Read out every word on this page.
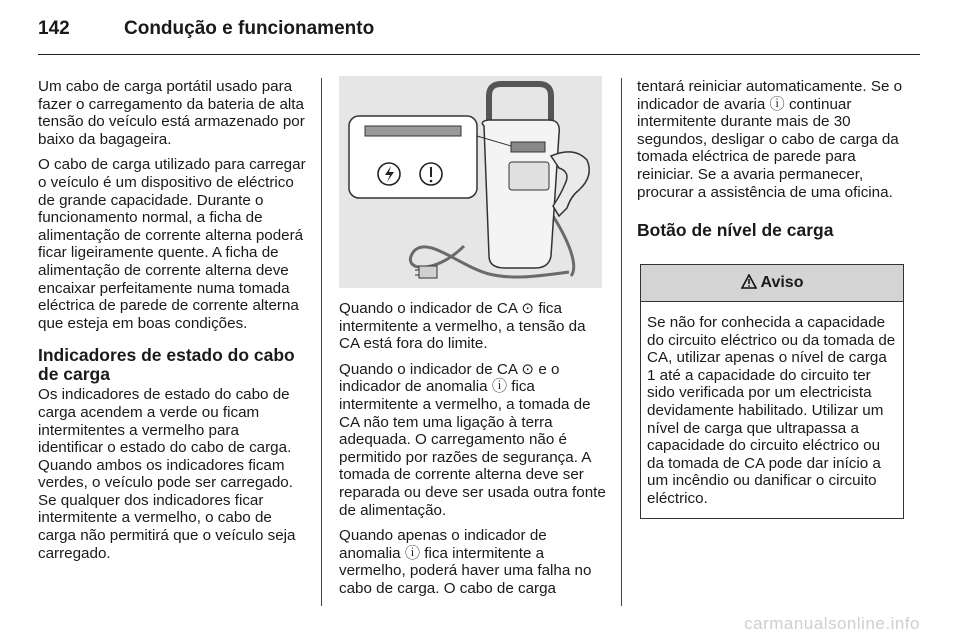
142	Condução e funcionamento

Um cabo de carga portátil usado para fazer o carregamento da bateria de alta tensão do veículo está armazenado por baixo da bagageira.

O cabo de carga utilizado para carregar o veículo é um dispositivo de eléctrico de grande capacidade. Durante o funcionamento normal, a ficha de alimentação de corrente alterna poderá ficar ligeiramente quente. A ficha de alimentação de corrente alterna deve encaixar perfeitamente numa tomada eléctrica de parede de corrente alterna que esteja em boas condições.

Indicadores de estado do cabo de carga

Os indicadores de estado do cabo de carga acendem a verde ou ficam intermitentes a vermelho para identificar o estado do cabo de carga. Quando ambos os indicadores ficam verdes, o veículo pode ser carregado. Se qualquer dos indicadores ficar intermitente a vermelho, o cabo de carga não permitirá que o veículo seja carregado.

Quando o indicador de CA ⊙ fica intermitente a vermelho, a tensão da CA está fora do limite.

Quando o indicador de CA ⊙ e o indicador de anomalia ⓘ fica intermitente a vermelho, a tomada de CA não tem uma ligação à terra adequada. O carregamento não é permitido por razões de segurança. A tomada de corrente alterna deve ser reparada ou deve ser usada outra fonte de alimentação.

Quando apenas o indicador de anomalia ⓘ fica intermitente a vermelho, poderá haver uma falha no cabo de carga. O cabo de carga

tentará reiniciar automaticamente. Se o indicador de avaria ⓘ continuar intermitente durante mais de 30 segundos, desligar o cabo de carga da tomada eléctrica de parede para reiniciar. Se a avaria permanecer, procurar a assistência de uma oficina.

Botão de nível de carga
Aviso
Se não for conhecida a capacidade do circuito eléctrico ou da tomada de CA, utilizar apenas o nível de carga 1 até a capacidade do circuito ter sido verificada por um electricista devidamente habilitado. Utilizar um nível de carga que ultrapassa a capacidade do circuito eléctrico ou da tomada de CA pode dar início a um incêndio ou danificar o circuito eléctrico.
carmanualsonline.info
